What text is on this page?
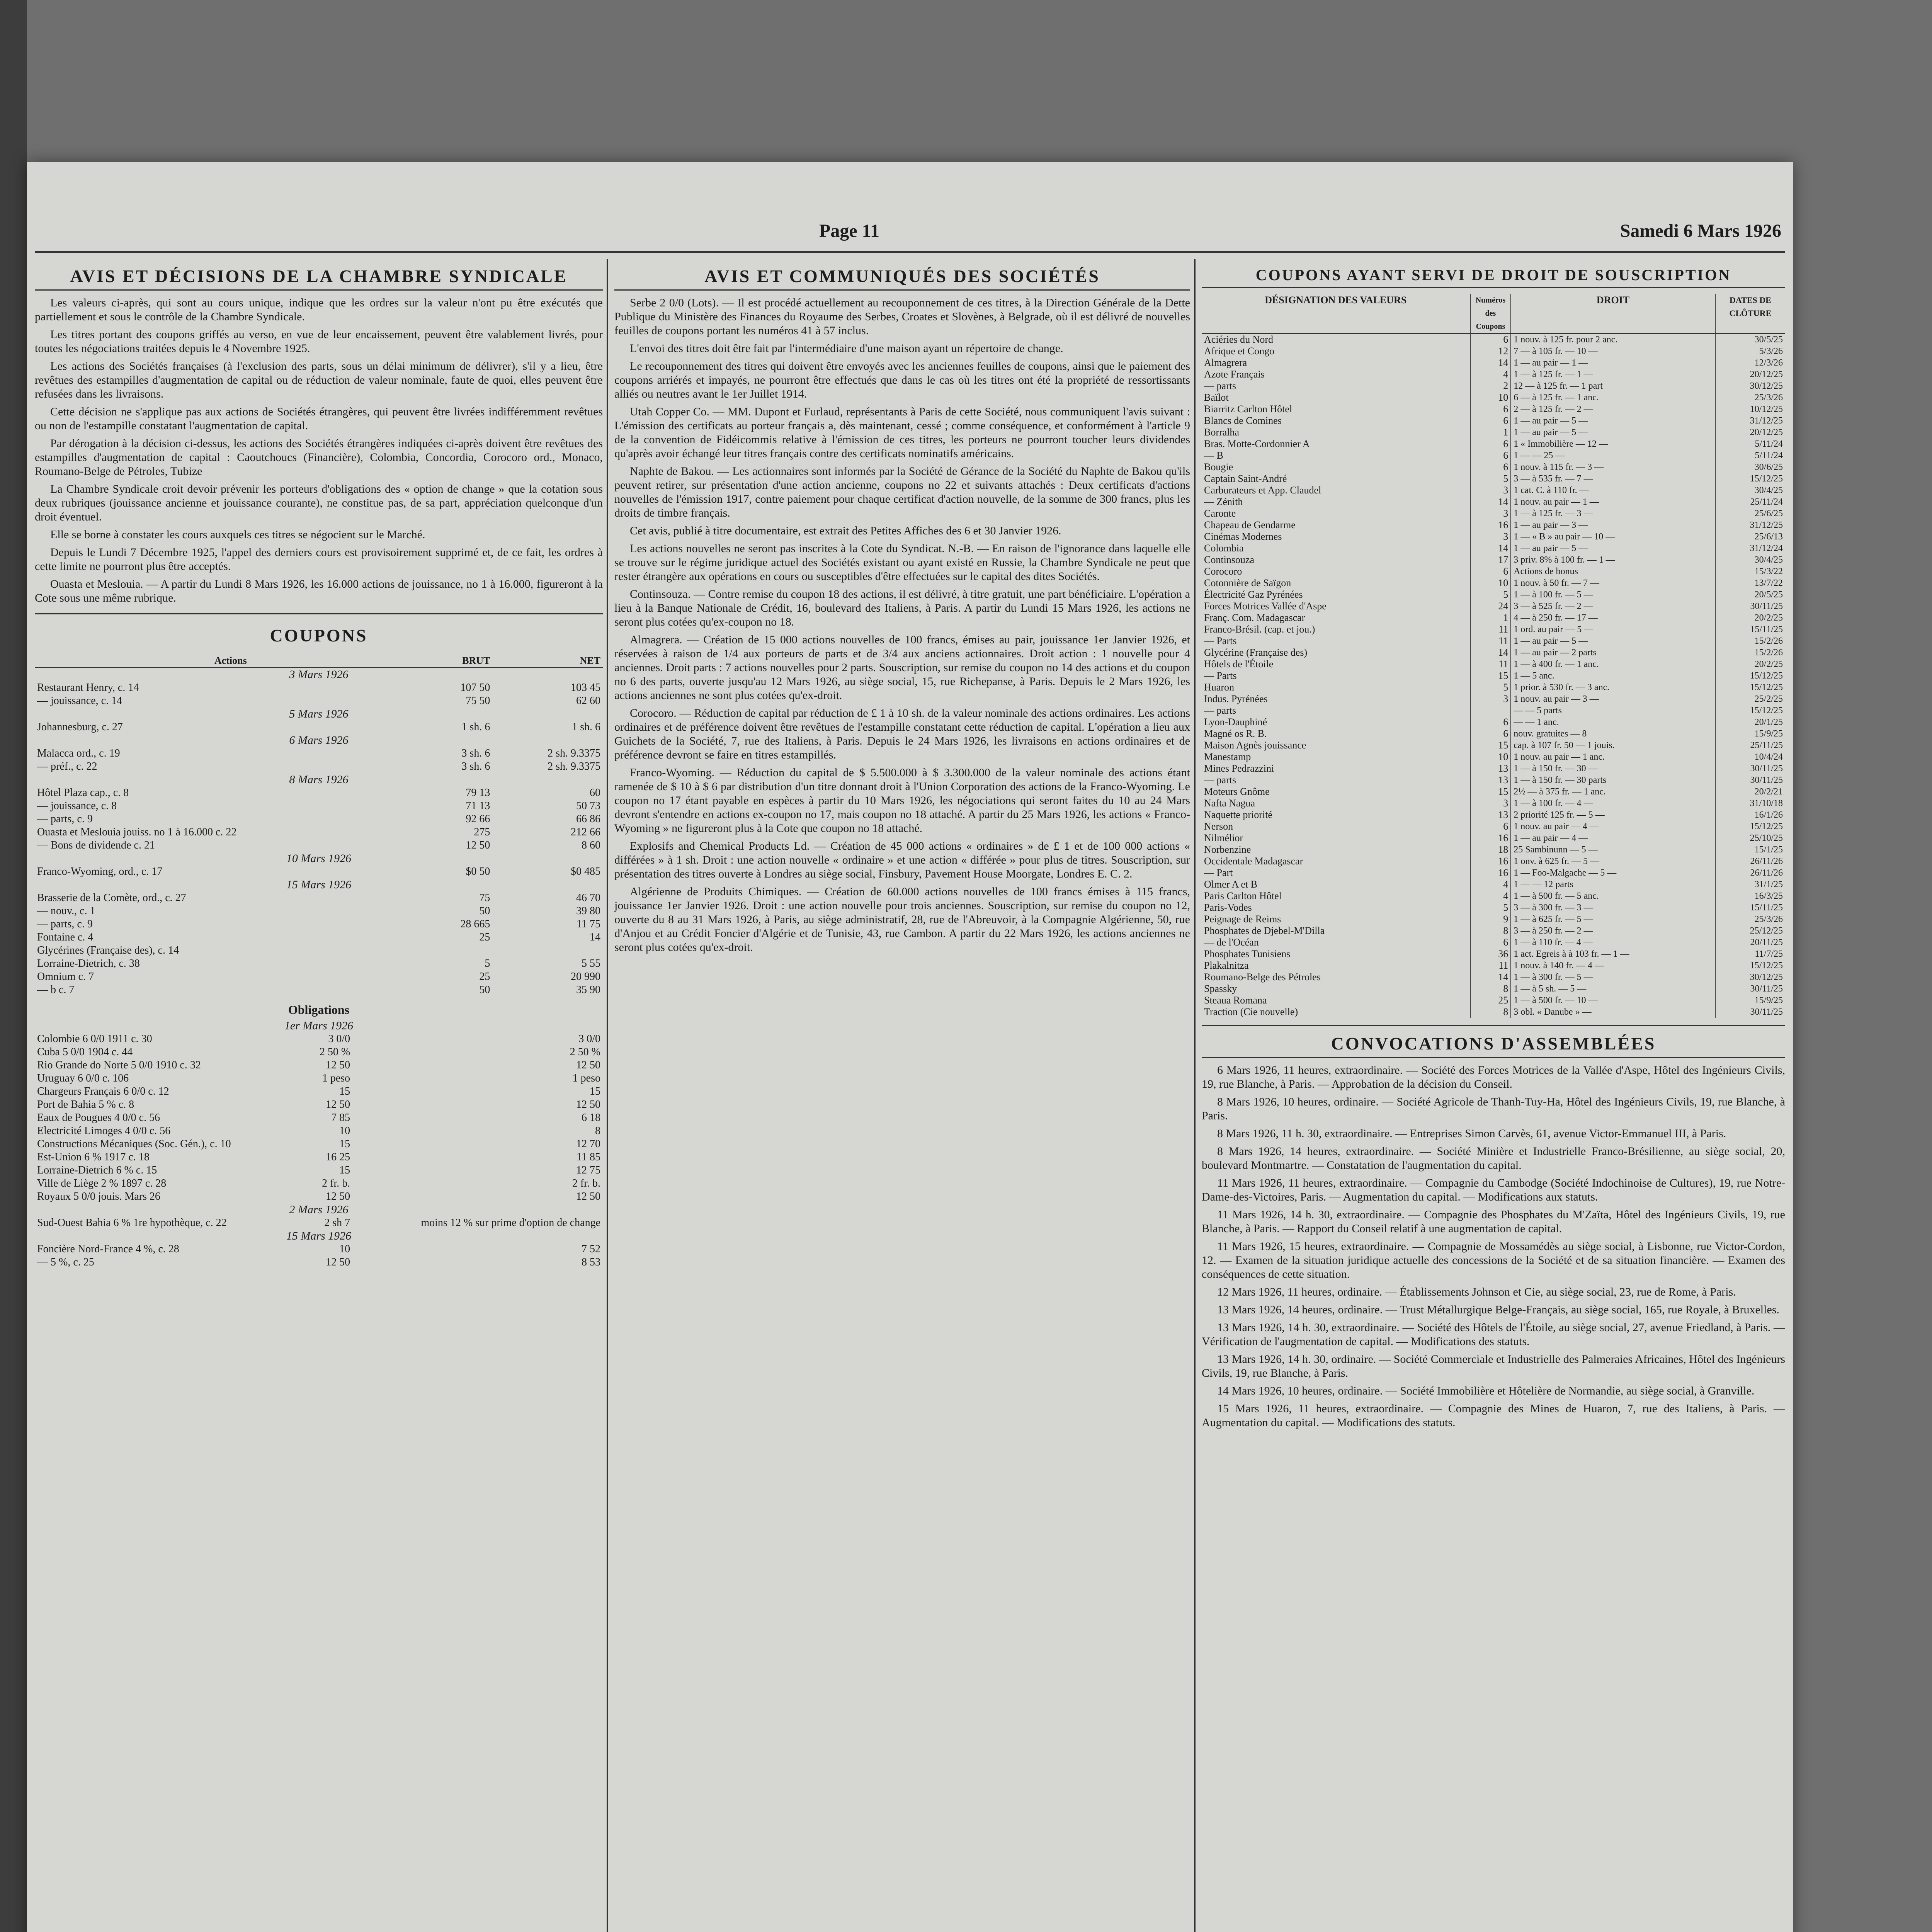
Page 11	Samedi 6 Mars 1926
AVIS ET DÉCISIONS DE LA CHAMBRE SYNDICALE

Les valeurs ci-après, qui sont au cours unique, indique que les ordres sur la valeur n'ont pu être exécutés que partiellement et sous le contrôle de la Chambre Syndicale.

Les titres portant des coupons griffés au verso, en vue de leur encaissement, peuvent être valablement livrés, pour toutes les négociations traitées depuis le 4 Novembre 1925.

Les actions des Sociétés françaises (à l'exclusion des parts, sous un délai minimum de délivrer), s'il y a lieu, être revêtues des estampilles d'augmentation de capital ou de réduction de valeur nominale, faute de quoi, elles peuvent être refusées dans les livraisons.

Cette décision ne s'applique pas aux actions de Sociétés étrangères, qui peuvent être livrées indifféremment revêtues ou non de l'estampille constatant l'augmentation de capital.

Par dérogation à la décision ci-dessus, les actions des Sociétés étrangères indiquées ci-après doivent être revêtues des estampilles d'augmentation de capital : Caoutchoucs (Financière), Colombia, Concordia, Corocoro ord., Monaco, Roumano-Belge de Pétroles, Tubize

La Chambre Syndicale croit devoir prévenir les porteurs d'obligations des « option de change » que la cotation sous deux rubriques (jouissance ancienne et jouissance courante), ne constitue pas, de sa part, appréciation quelconque d'un droit éventuel.

Elle se borne à constater les cours auxquels ces titres se négocient sur le Marché.

Depuis le Lundi 7 Décembre 1925, l'appel des derniers cours est provisoirement supprimé et, de ce fait, les ordres à cette limite ne pourront plus être acceptés.

Ouasta et Meslouia. — A partir du Lundi 8 Mars 1926, les 16.000 actions de jouissance, no 1 à 16.000, figureront à la Cote sous une même rubrique.

COUPONS
Actions	BRUT	NET
3 Mars 1926		
Restaurant Henry, c. 14	107 50	103 45
— jouissance, c. 14	75 50	62 60
5 Mars 1926		
Johannesburg, c. 27	1 sh. 6	1 sh. 6
6 Mars 1926		
Malacca ord., c. 19	3 sh. 6	2 sh. 9.3375
— préf., c. 22	3 sh. 6	2 sh. 9.3375
8 Mars 1926		
Hôtel Plaza cap., c. 8	79 13	60
— jouissance, c. 8	71 13	50 73
— parts, c. 9	92 66	66 86
Ouasta et Meslouia jouiss. no 1 à 16.000 c. 22	275	212 66
— Bons de dividende c. 21	12 50	8 60
10 Mars 1926		
Franco-Wyoming, ord., c. 17	$0 50	$0 485
15 Mars 1926		
Brasserie de la Comète, ord., c. 27	75	46 70
— nouv., c. 1	50	39 80
— parts, c. 9	28 665	11 75
Fontaine c. 4	25	14
Glycérines (Française des), c. 14		
Lorraine-Dietrich, c. 38	5	5 55
Omnium c. 7	25	20 990
— b c. 7	50	35 90
Obligations
1er Mars 1926		
Colombie 6 0/0 1911 c. 30	3 0/0	3 0/0
Cuba 5 0/0 1904 c. 44	2 50 %	2 50 %
Rio Grande do Norte 5 0/0 1910 c. 32	12 50	12 50
Uruguay 6 0/0 c. 106	1 peso	1 peso
Chargeurs Français 6 0/0 c. 12	15	15
Port de Bahia 5 % c. 8	12 50	12 50
Eaux de Pougues 4 0/0 c. 56	7 85	6 18
Electricité Limoges 4 0/0 c. 56	10	8
Constructions Mécaniques (Soc. Gén.), c. 10	15	12 70
Est-Union 6 % 1917 c. 18	16 25	11 85
Lorraine-Dietrich 6 % c. 15	15	12 75
Ville de Liège 2 % 1897 c. 28	2 fr. b.	2 fr. b.
Royaux 5 0/0 jouis. Mars 26	12 50	12 50
2 Mars 1926		
Sud-Ouest Bahia 6 % 1re hypothèque, c. 22	2 sh 7	moins 12 % sur prime d'option de change
15 Mars 1926		
Foncière Nord-France 4 %, c. 28	10	7 52
— 5 %, c. 25	12 50	8 53
AVIS ET COMMUNIQUÉS DES SOCIÉTÉS

Serbe 2 0/0 (Lots). — Il est procédé actuellement au recouponnement de ces titres, à la Direction Générale de la Dette Publique du Ministère des Finances du Royaume des Serbes, Croates et Slovènes, à Belgrade, où il est délivré de nouvelles feuilles de coupons portant les numéros 41 à 57 inclus.

L'envoi des titres doit être fait par l'intermédiaire d'une maison ayant un répertoire de change.

Le recouponnement des titres qui doivent être envoyés avec les anciennes feuilles de coupons, ainsi que le paiement des coupons arriérés et impayés, ne pourront être effectués que dans le cas où les titres ont été la propriété de ressortissants alliés ou neutres avant le 1er Juillet 1914.

Utah Copper Co. — MM. Dupont et Furlaud, représentants à Paris de cette Société, nous communiquent l'avis suivant : L'émission des certificats au porteur français a, dès maintenant, cessé ; comme conséquence, et conformément à l'article 9 de la convention de Fidéicommis relative à l'émission de ces titres, les porteurs ne pourront toucher leurs dividendes qu'après avoir échangé leur titres français contre des certificats nominatifs américains.

Naphte de Bakou. — Les actionnaires sont informés par la Société de Gérance de la Société du Naphte de Bakou qu'ils peuvent retirer, sur présentation d'une action ancienne, coupons no 22 et suivants attachés : Deux certificats d'actions nouvelles de l'émission 1917, contre paiement pour chaque certificat d'action nouvelle, de la somme de 300 francs, plus les droits de timbre français.

Cet avis, publié à titre documentaire, est extrait des Petites Affiches des 6 et 30 Janvier 1926.

Les actions nouvelles ne seront pas inscrites à la Cote du Syndicat. N.-B. — En raison de l'ignorance dans laquelle elle se trouve sur le régime juridique actuel des Sociétés existant ou ayant existé en Russie, la Chambre Syndicale ne peut que rester étrangère aux opérations en cours ou susceptibles d'être effectuées sur le capital des dites Sociétés.

Continsouza. — Contre remise du coupon 18 des actions, il est délivré, à titre gratuit, une part bénéficiaire. L'opération a lieu à la Banque Nationale de Crédit, 16, boulevard des Italiens, à Paris. A partir du Lundi 15 Mars 1926, les actions ne seront plus cotées qu'ex-coupon no 18.

Almagrera. — Création de 15 000 actions nouvelles de 100 francs, émises au pair, jouissance 1er Janvier 1926, et réservées à raison de 1/4 aux porteurs de parts et de 3/4 aux anciens actionnaires. Droit action : 1 nouvelle pour 4 anciennes. Droit parts : 7 actions nouvelles pour 2 parts. Souscription, sur remise du coupon no 14 des actions et du coupon no 6 des parts, ouverte jusqu'au 12 Mars 1926, au siège social, 15, rue Richepanse, à Paris. Depuis le 2 Mars 1926, les actions anciennes ne sont plus cotées qu'ex-droit.

Corocoro. — Réduction de capital par réduction de £ 1 à 10 sh. de la valeur nominale des actions ordinaires. Les actions ordinaires et de préférence doivent être revêtues de l'estampille constatant cette réduction de capital. L'opération a lieu aux Guichets de la Société, 7, rue des Italiens, à Paris. Depuis le 24 Mars 1926, les livraisons en actions ordinaires et de préférence devront se faire en titres estampillés.

Franco-Wyoming. — Réduction du capital de $ 5.500.000 à $ 3.300.000 de la valeur nominale des actions étant ramenée de $ 10 à $ 6 par distribution d'un titre donnant droit à l'Union Corporation des actions de la Franco-Wyoming. Le coupon no 17 étant payable en espèces à partir du 10 Mars 1926, les négociations qui seront faites du 10 au 24 Mars devront s'entendre en actions ex-coupon no 17, mais coupon no 18 attaché. A partir du 25 Mars 1926, les actions « Franco-Wyoming » ne figureront plus à la Cote que coupon no 18 attaché.

Explosifs and Chemical Products Ld. — Création de 45 000 actions « ordinaires » de £ 1 et de 100 000 actions « différées » à 1 sh. Droit : une action nouvelle « ordinaire » et une action « différée » pour plus de titres. Souscription, sur présentation des titres ouverte à Londres au siège social, Finsbury, Pavement House Moorgate, Londres E. C. 2.

Algérienne de Produits Chimiques. — Création de 60.000 actions nouvelles de 100 francs émises à 115 francs, jouissance 1er Janvier 1926. Droit : une action nouvelle pour trois anciennes. Souscription, sur remise du coupon no 12, ouverte du 8 au 31 Mars 1926, à Paris, au siège administratif, 28, rue de l'Abreuvoir, à la Compagnie Algérienne, 50, rue d'Anjou et au Crédit Foncier d'Algérie et de Tunisie, 43, rue Cambon. A partir du 22 Mars 1926, les actions anciennes ne seront plus cotées qu'ex-droit.

COUPONS AYANT SERVI DE DROIT DE SOUSCRIPTION
DÉSIGNATION DES VALEURS	Numéros des Coupons	DROIT	DATES DE CLÔTURE
Aciéries du Nord	6	1 nouv. à 125 fr. pour 2 anc.	30/5/25
Afrique et Congo	12	7 — à 105 fr. — 10 —	5/3/26
Almagrera	14	1 — au pair — 1 —	12/3/26
Azote Français	4	1 — à 125 fr. — 1 —	20/12/25
— parts	2	12 — à 125 fr. — 1 part	30/12/25
Baïlot	10	6 — à 125 fr. — 1 anc.	25/3/26
Biarritz Carlton Hôtel	6	2 — à 125 fr. — 2 —	10/12/25
Blancs de Comines	6	1 — au pair — 5 —	31/12/25
Borralha	1	1 — au pair — 5 —	20/12/25
Bras. Motte-Cordonnier A	6	1 « Immobilière — 12 —	5/11/24
— B	6	1 — — 25 —	5/11/24
Bougie	6	1 nouv. à 115 fr. — 3 —	30/6/25
Captain Saint-André	5	3 — à 535 fr. — 7 —	15/12/25
Carburateurs et App. Claudel	3	1 cat. C. à 110 fr. —	30/4/25
— Zénith	14	1 nouv. au pair — 1 —	25/11/24
Caronte	3	1 — à 125 fr. — 3 —	25/6/25
Chapeau de Gendarme	16	1 — au pair — 3 —	31/12/25
Cinémas Modernes	3	1 — « B » au pair — 10 —	25/6/13
Colombia	14	1 — au pair — 5 —	31/12/24
Continsouza	17	3 priv. 8% à 100 fr. — 1 —	30/4/25
Corocoro	6	Actions de bonus	15/3/22
Cotonnière de Saïgon	10	1 nouv. à 50 fr. — 7 —	13/7/22
Électricité Gaz Pyrénées	5	1 — à 100 fr. — 5 —	20/5/25
Forces Motrices Vallée d'Aspe	24	3 — à 525 fr. — 2 —	30/11/25
Franç. Com. Madagascar	1	4 — à 250 fr. — 17 —	20/2/25
Franco-Brésil. (cap. et jou.)	11	1 ord. au pair — 5 —	15/11/25
— Parts	11	1 — au pair — 5 —	15/2/26
Glycérine (Française des)	14	1 — au pair — 2 parts	15/2/26
Hôtels de l'Étoile	11	1 — à 400 fr. — 1 anc.	20/2/25
— Parts	15	1 — 5 anc.	15/12/25
Huaron	5	1 prior. à 530 fr. — 3 anc.	15/12/25
Indus. Pyrénées	3	1 nouv. au pair — 3 —	25/2/25
— parts		— — 5 parts	15/12/25
Lyon-Dauphiné	6	— — 1 anc.	20/1/25
Magné os R. B.	6	nouv. gratuites — 8	15/9/25
Maison Agnès jouissance	15	cap. à 107 fr. 50 — 1 jouis.	25/11/25
Manestamp	10	1 nouv. au pair — 1 anc.	10/4/24
Mines Pedrazzini	13	1 — à 150 fr. — 30 —	30/11/25
— parts	13	1 — à 150 fr. — 30 parts	30/11/25
Moteurs Gnôme	15	2½ — à 375 fr. — 1 anc.	20/2/21
Nafta Nagua	3	1 — à 100 fr. — 4 —	31/10/18
Naquette priorité	13	2 priorité 125 fr. — 5 —	16/1/26
Nerson	6	1 nouv. au pair — 4 —	15/12/25
Nilmélior	16	1 — au pair — 4 —	25/10/25
Norbenzine	18	25 Sambinunn — 5 —	15/1/25
Occidentale Madagascar	16	1 onv. à 625 fr. — 5 —	26/11/26
— Part	16	1 — Foo-Malgache — 5 —	26/11/26
Olmer A et B	4	1 — — 12 parts	31/1/25
Paris Carlton Hôtel	4	1 — à 500 fr. — 5 anc.	16/3/25
Paris-Vodes	5	3 — à 300 fr. — 3 —	15/11/25
Peignage de Reims	9	1 — à 625 fr. — 5 —	25/3/26
Phosphates de Djebel-M'Dilla	8	3 — à 250 fr. — 2 —	25/12/25
— de l'Océan	6	1 — à 110 fr. — 4 —	20/11/25
Phosphates Tunisiens	36	1 act. Egreis à à 103 fr. — 1 —	11/7/25
Plakalnitza	11	1 nouv. à 140 fr. — 4 —	15/12/25
Roumano-Belge des Pétroles	14	1 — à 300 fr. — 5 —	30/12/25
Spassky	8	1 — à 5 sh. — 5 —	30/11/25
Steaua Romana	25	1 — à 500 fr. — 10 —	15/9/25
Traction (Cie nouvelle)	8	3 obl. « Danube » —	30/11/25
CONVOCATIONS D'ASSEMBLÉES

6 Mars 1926, 11 heures, extraordinaire. — Société des Forces Motrices de la Vallée d'Aspe, Hôtel des Ingénieurs Civils, 19, rue Blanche, à Paris. — Approbation de la décision du Conseil.

8 Mars 1926, 10 heures, ordinaire. — Société Agricole de Thanh-Tuy-Ha, Hôtel des Ingénieurs Civils, 19, rue Blanche, à Paris.

8 Mars 1926, 11 h. 30, extraordinaire. — Entreprises Simon Carvès, 61, avenue Victor-Emmanuel III, à Paris.

8 Mars 1926, 14 heures, extraordinaire. — Société Minière et Industrielle Franco-Brésilienne, au siège social, 20, boulevard Montmartre. — Constatation de l'augmentation du capital.

11 Mars 1926, 11 heures, extraordinaire. — Compagnie du Cambodge (Société Indochinoise de Cultures), 19, rue Notre-Dame-des-Victoires, Paris. — Augmentation du capital. — Modifications aux statuts.

11 Mars 1926, 14 h. 30, extraordinaire. — Compagnie des Phosphates du M'Zaïta, Hôtel des Ingénieurs Civils, 19, rue Blanche, à Paris. — Rapport du Conseil relatif à une augmentation de capital.

11 Mars 1926, 15 heures, extraordinaire. — Compagnie de Mossamédès au siège social, à Lisbonne, rue Victor-Cordon, 12. — Examen de la situation juridique actuelle des concessions de la Société et de sa situation financière. — Examen des conséquences de cette situation.

12 Mars 1926, 11 heures, ordinaire. — Établissements Johnson et Cie, au siège social, 23, rue de Rome, à Paris.

13 Mars 1926, 14 heures, ordinaire. — Trust Métallurgique Belge-Français, au siège social, 165, rue Royale, à Bruxelles.

13 Mars 1926, 14 h. 30, extraordinaire. — Société des Hôtels de l'Étoile, au siège social, 27, avenue Friedland, à Paris. — Vérification de l'augmentation de capital. — Modifications des statuts.

13 Mars 1926, 14 h. 30, ordinaire. — Société Commerciale et Industrielle des Palmeraies Africaines, Hôtel des Ingénieurs Civils, 19, rue Blanche, à Paris.

14 Mars 1926, 10 heures, ordinaire. — Société Immobilière et Hôtelière de Normandie, au siège social, à Granville.

15 Mars 1926, 11 heures, extraordinaire. — Compagnie des Mines de Huaron, 7, rue des Italiens, à Paris. — Augmentation du capital. — Modifications des statuts.
